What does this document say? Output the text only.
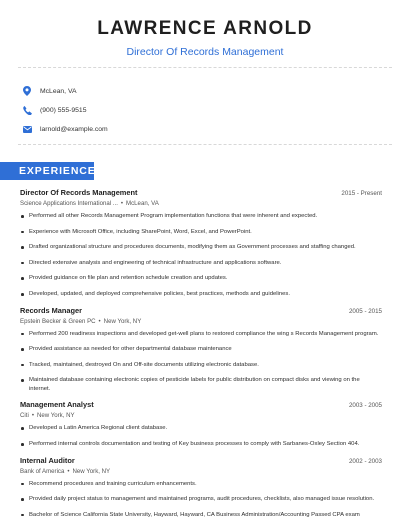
LAWRENCE ARNOLD
Director Of Records Management
McLean, VA
(900) 555-9515
larnold@example.com
EXPERIENCE
Director Of Records Management	2015 - Present
Science Applications International ... • McLean, VA
Performed all other Records Management Program implementation functions that were inherent and expected.
Experience with Microsoft Office, including SharePoint, Word, Excel, and PowerPoint.
Drafted organizational structure and procedures documents, modifying them as Government processes and staffing changed.
Directed extensive analysis and engineering of technical infrastructure and applications software.
Provided guidance on file plan and retention schedule creation and updates.
Developed, updated, and deployed comprehensive policies, best practices, methods and guidelines.
Records Manager	2005 - 2015
Epstein Becker & Green PC • New York, NY
Performed 200 readiness inspections and developed get-well plans to restored compliance the wing s Records Management program.
Provided assistance as needed for other departmental database maintenance
Tracked, maintained, destroyed On and Off-site documents utilizing electronic database.
Maintained database containing electronic copies of pesticide labels for public distribution on compact disks and viewing on the internet.
Management Analyst	2003 - 2005
Citi • New York, NY
Developed a Latin America Regional client database.
Performed internal controls documentation and testing of Key business processes to comply with Sarbanes-Oxley Section 404.
Internal Auditor	2002 - 2003
Bank of America • New York, NY
Recommend procedures and training curriculum enhancements.
Provided daily project status to management and maintained programs, audit procedures, checklists, also managed issue resolution.
Bachelor of Science California State University, Hayward, Hayward, CA Business Administration/Accounting Passed CPA exam
